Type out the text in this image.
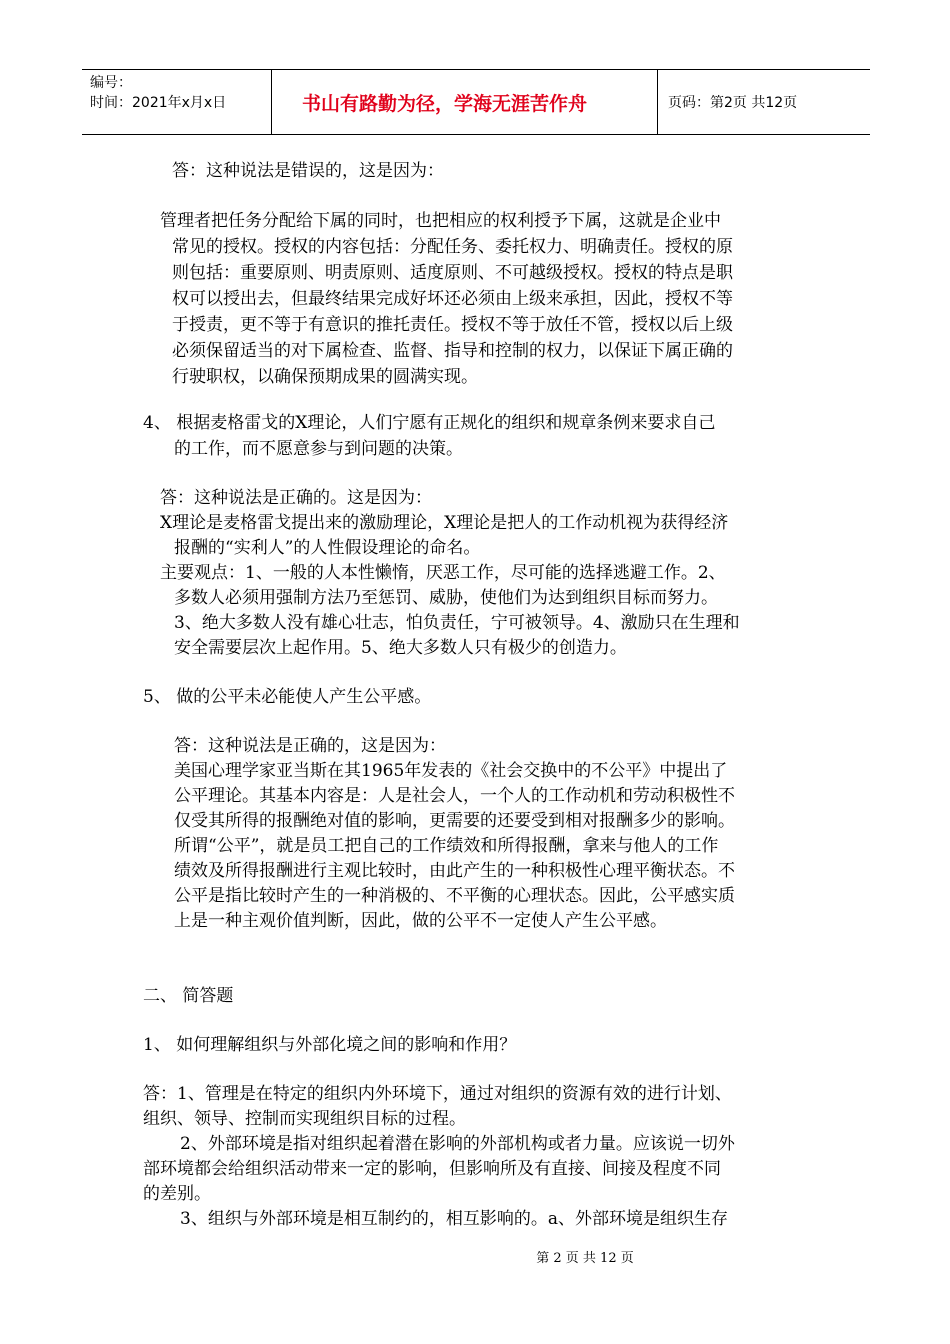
编号：
时间：2021年x月x日	书山有路勤为径，学海无涯苦作舟	页码：第2页 共12页
答：这种说法是错误的，这是因为：
管理者把任务分配给下属的同时，也把相应的权利授予下属，这就是企业中
常见的授权。授权的内容包括：分配任务、委托权力、明确责任。授权的原
则包括：重要原则、明责原则、适度原则、不可越级授权。授权的特点是职
权可以授出去，但最终结果完成好坏还必须由上级来承担，因此，授权不等
于授责，更不等于有意识的推托责任。授权不等于放任不管，授权以后上级
必须保留适当的对下属检查、监督、指导和控制的权力，以保证下属正确的
行驶职权，以确保预期成果的圆满实现。
4、 根据麦格雷戈的X理论，人们宁愿有正规化的组织和规章条例来要求自己
的工作，而不愿意参与到问题的决策。
答：这种说法是正确的。这是因为：
X理论是麦格雷戈提出来的激励理论，X理论是把人的工作动机视为获得经济
报酬的“实利人”的人性假设理论的命名。
主要观点：1、一般的人本性懒惰，厌恶工作，尽可能的选择逃避工作。2、
多数人必须用强制方法乃至惩罚、威胁，使他们为达到组织目标而努力。
3、绝大多数人没有雄心壮志，怕负责任，宁可被领导。4、激励只在生理和
安全需要层次上起作用。5、绝大多数人只有极少的创造力。
5、 做的公平未必能使人产生公平感。
答：这种说法是正确的，这是因为：
美国心理学家亚当斯在其1965年发表的《社会交换中的不公平》中提出了
公平理论。其基本内容是：人是社会人，一个人的工作动机和劳动积极性不
仅受其所得的报酬绝对值的影响，更需要的还要受到相对报酬多少的影响。
所谓“公平”，就是员工把自己的工作绩效和所得报酬，拿来与他人的工作
绩效及所得报酬进行主观比较时，由此产生的一种积极性心理平衡状态。不
公平是指比较时产生的一种消极的、不平衡的心理状态。因此，公平感实质
上是一种主观价值判断，因此，做的公平不一定使人产生公平感。
二、 简答题
1、 如何理解组织与外部化境之间的影响和作用？
答：1、管理是在特定的组织内外环境下，通过对组织的资源有效的进行计划、
组织、领导、控制而实现组织目标的过程。
2、外部环境是指对组织起着潜在影响的外部机构或者力量。应该说一切外
部环境都会给组织活动带来一定的影响，但影响所及有直接、间接及程度不同
的差别。
3、组织与外部环境是相互制约的，相互影响的。a、外部环境是组织生存
第 2 页 共 12 页
